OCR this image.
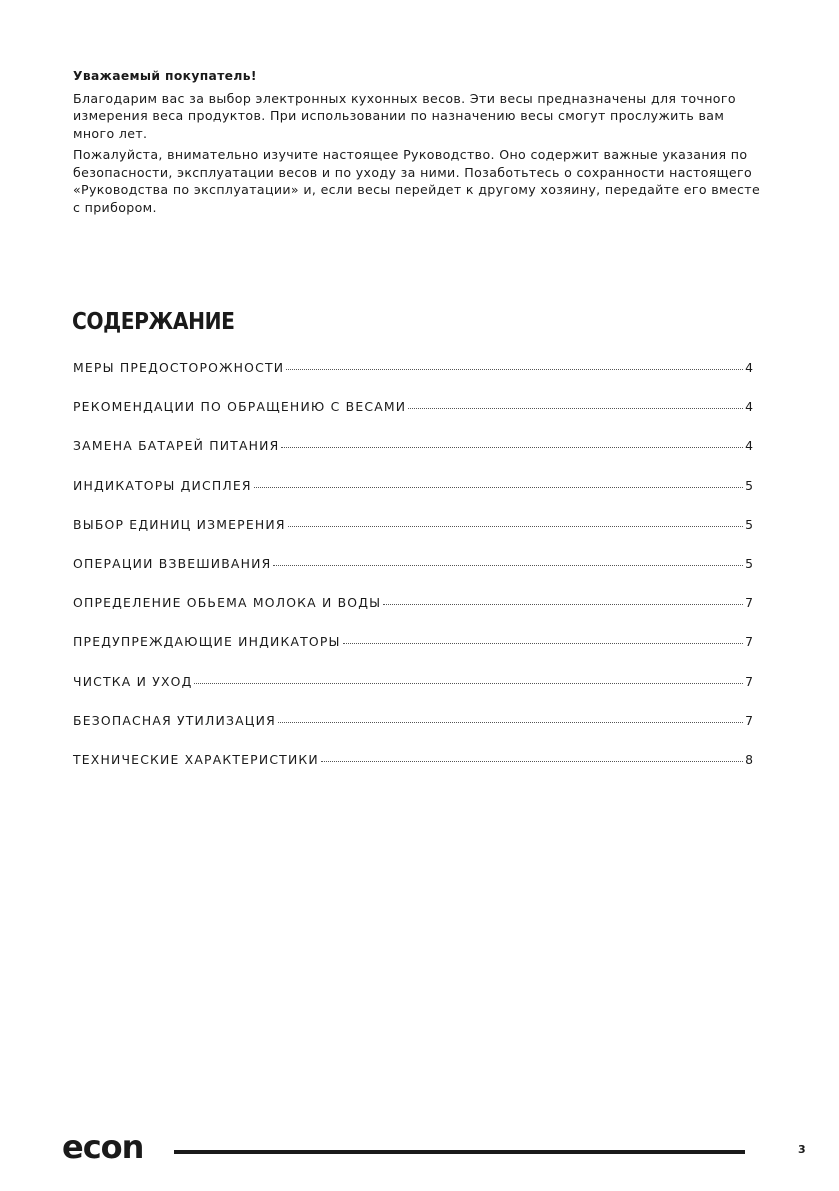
Уважаемый покупатель!

Благодарим вас за выбор электронных кухонных весов. Эти весы предназначены для точного измерения веса продуктов. При использовании по назначению весы смогут прослужить вам много лет.

Пожалуйста, внимательно изучите настоящее Руководство. Оно содержит важные указания по безопасности, эксплуатации весов и по уходу за ними. Позаботьтесь о сохранности настоящего «Руководства по эксплуатации» и, если весы перейдет к другому хозяину, передайте его вместе с прибором.

СОДЕРЖАНИЕ
МЕРЫ ПРЕДОСТОРОЖНОСТИ	4
РЕКОМЕНДАЦИИ ПО ОБРАЩЕНИЮ С ВЕСАМИ	4
ЗАМЕНА БАТАРЕЙ ПИТАНИЯ	4
ИНДИКАТОРЫ ДИСПЛЕЯ	5
ВЫБОР ЕДИНИЦ ИЗМЕРЕНИЯ	5
ОПЕРАЦИИ ВЗВЕШИВАНИЯ	5
ОПРЕДЕЛЕНИЕ ОБЬЕМА МОЛОКА И ВОДЫ	7
ПРЕДУПРЕЖДАЮЩИЕ ИНДИКАТОРЫ	7
ЧИСТКА И УХОД	7
БЕЗОПАСНАЯ УТИЛИЗАЦИЯ	7
ТЕХНИЧЕСКИЕ ХАРАКТЕРИСТИКИ	8
econ	3
